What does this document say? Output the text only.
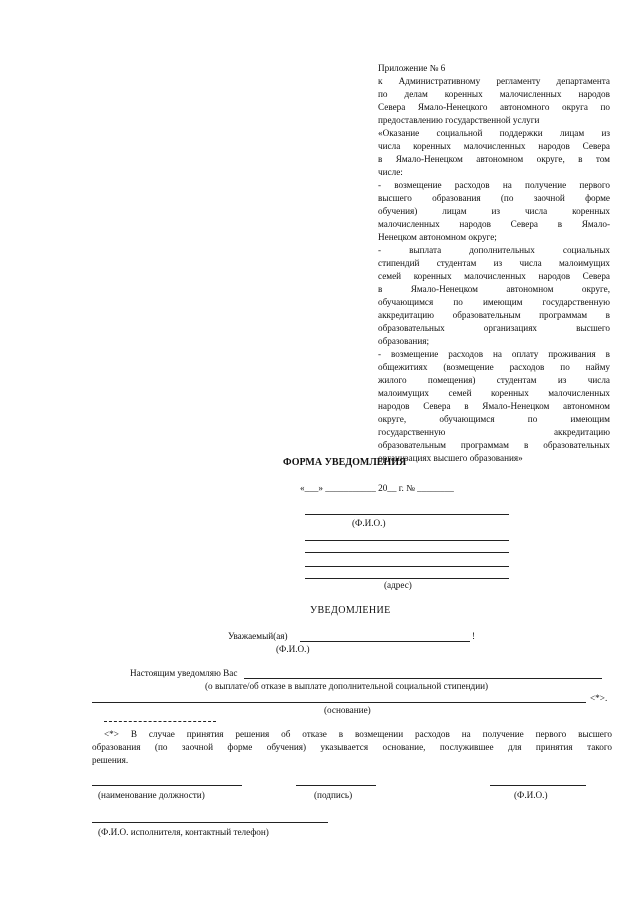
Приложение № 6
к Административному регламенту департамента
по делам коренных малочисленных народов
Севера Ямало-Ненецкого автономного округа по
предоставлению государственной услуги
«Оказание социальной поддержки лицам из
числа коренных малочисленных народов Севера
в Ямало-Ненецком автономном округе, в том
числе:
- возмещение расходов на получение первого
высшего образования (по заочной форме
обучения) лицам из числа коренных
малочисленных народов Севера в Ямало-
Ненецком автономном округе;
- выплата дополнительных социальных
стипендий студентам из числа малоимущих
семей коренных малочисленных народов Севера
в Ямало-Ненецком автономном округе,
обучающимся по имеющим государственную
аккредитацию образовательным программам в
образовательных организациях высшего
образования;
- возмещение расходов на оплату проживания в
общежитиях (возмещение расходов по найму
жилого помещения) студентам из числа
малоимущих семей коренных малочисленных
народов Севера в Ямало-Ненецком автономном
округе, обучающимся по имеющим
государственную аккредитацию
образовательным программам в образовательных
организациях высшего образования»
ФОРМА УВЕДОМЛЕНИЯ
«___» ___________ 20__ г. № ________
(Ф.И.О.)
(адрес)
УВЕДОМЛЕНИЕ
Уважаемый(ая)	!
(Ф.И.О.)
Настоящим уведомляю Вас
(о выплате/об отказе в выплате дополнительной социальной стипендии)
<*>.
(основание)
<*> В случае принятия решения об отказе в возмещении расходов на получение первого высшего
образования (по заочной форме обучения) указывается основание, послужившее для принятия такого
решения.
(наименование должности)	(подпись)	(Ф.И.О.)
(Ф.И.О. исполнителя, контактный телефон)
